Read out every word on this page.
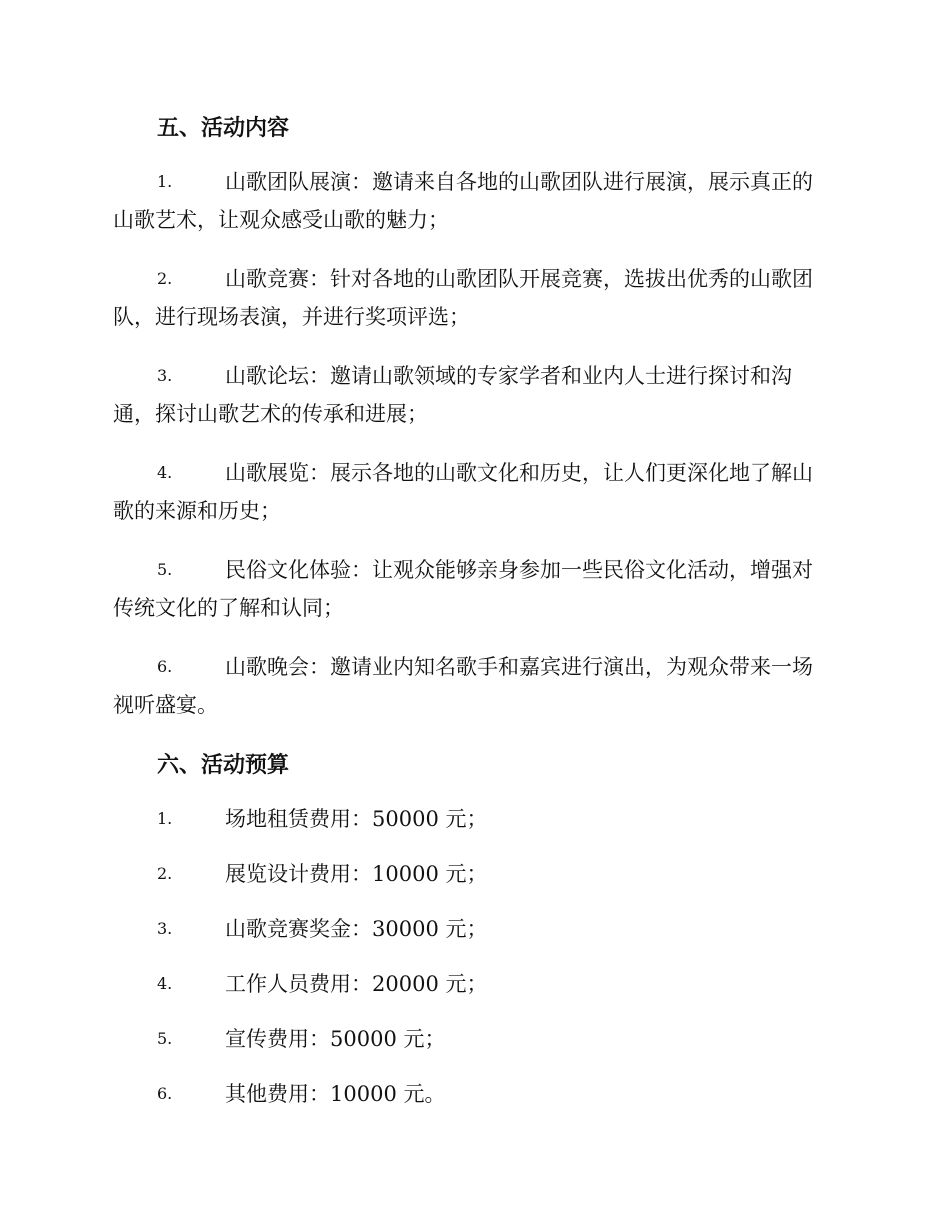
五、活动内容
1.	山歌团队展演：邀请来自各地的山歌团队进行展演，展示真正的
山歌艺术，让观众感受山歌的魅力；
2.	山歌竞赛：针对各地的山歌团队开展竞赛，选拔出优秀的山歌团
队，进行现场表演，并进行奖项评选；
3.	山歌论坛：邀请山歌领域的专家学者和业内人士进行探讨和沟
通，探讨山歌艺术的传承和进展；
4.	山歌展览：展示各地的山歌文化和历史，让人们更深化地了解山
歌的来源和历史；
5.	民俗文化体验：让观众能够亲身参加一些民俗文化活动，增强对
传统文化的了解和认同；
6.	山歌晚会：邀请业内知名歌手和嘉宾进行演出，为观众带来一场
视听盛宴。
六、活动预算
1.	场地租赁费用：50000 元；
2.	展览设计费用：10000 元；
3.	山歌竞赛奖金：30000 元；
4.	工作人员费用：20000 元；
5.	宣传费用：50000 元；
6.	其他费用：10000 元。
